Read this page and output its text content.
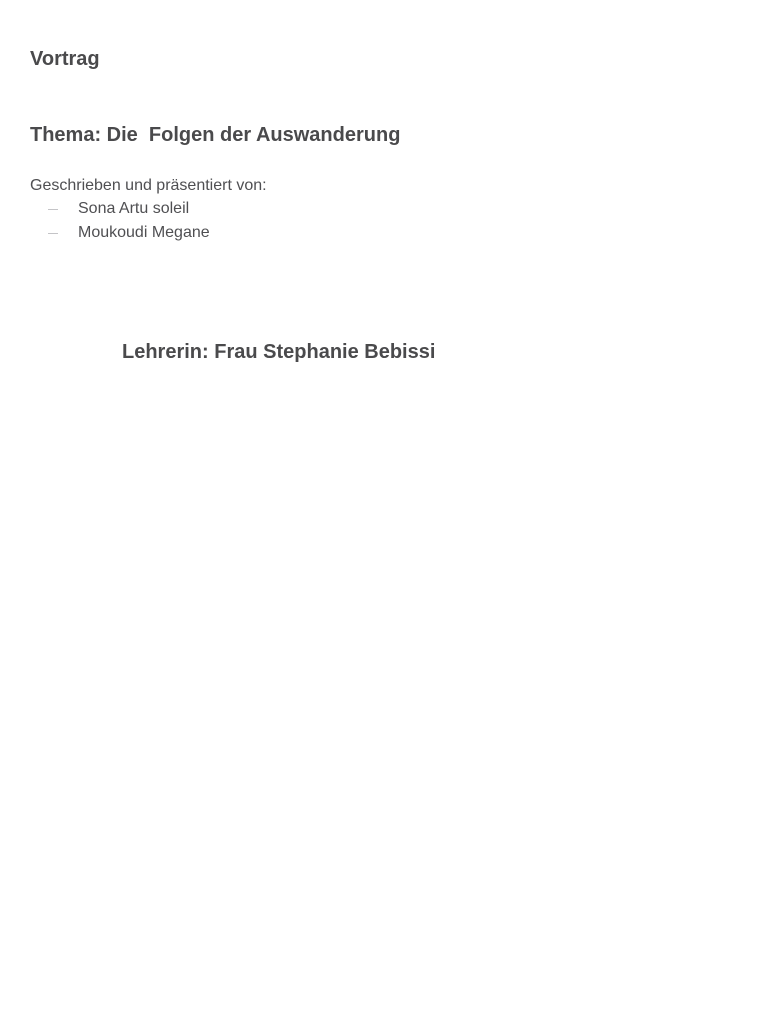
Vortrag
Thema: Die  Folgen der Auswanderung
Geschrieben und präsentiert von:
Sona Artu soleil
Moukoudi Megane
Lehrerin: Frau Stephanie Bebissi
